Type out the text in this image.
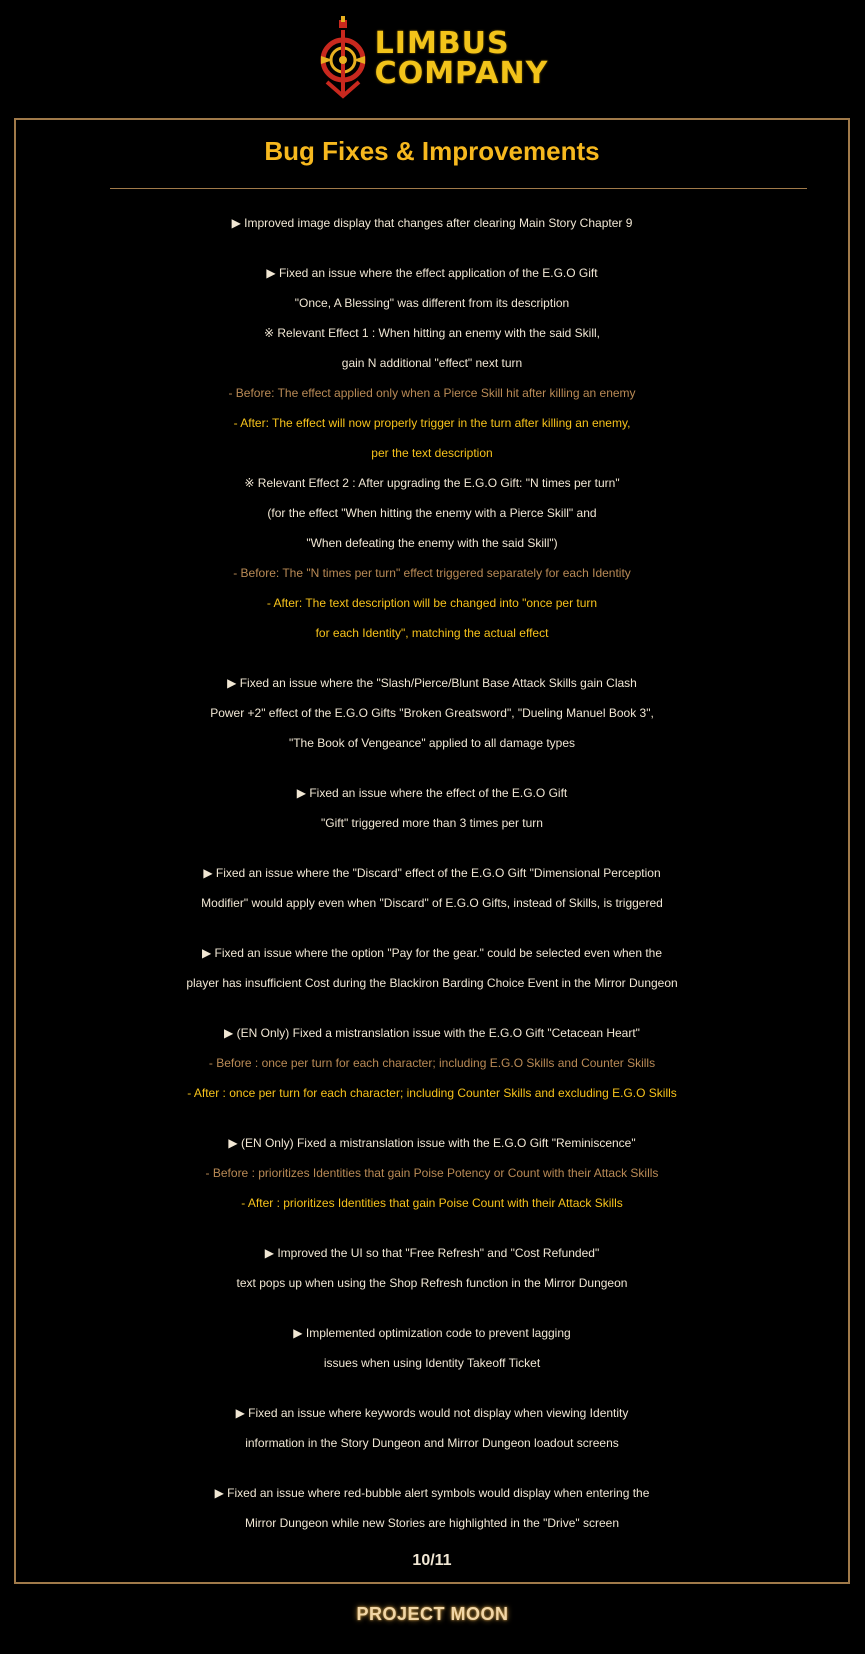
LIMBUS
COMPANY
Bug Fixes & Improvements
▶ Improved image display that changes after clearing Main Story Chapter 9
▶ Fixed an issue where the effect application of the E.G.O Gift
"Once, A Blessing" was different from its description
※ Relevant Effect 1 : When hitting an enemy with the said Skill,
gain N additional "effect" next turn
- Before: The effect applied only when a Pierce Skill hit after killing an enemy
- After: The effect will now properly trigger in the turn after killing an enemy,
per the text description
※ Relevant Effect 2 : After upgrading the E.G.O Gift: "N times per turn"
(for the effect "When hitting the enemy with a Pierce Skill" and
"When defeating the enemy with the said Skill")
- Before: The "N times per turn" effect triggered separately for each Identity
- After: The text description will be changed into "once per turn
for each Identity", matching the actual effect
▶ Fixed an issue where the "Slash/Pierce/Blunt Base Attack Skills gain Clash
Power +2" effect of the E.G.O Gifts "Broken Greatsword", "Dueling Manuel Book 3",
"The Book of Vengeance" applied to all damage types
▶ Fixed an issue where the effect of the E.G.O Gift
"Gift" triggered more than 3 times per turn
▶ Fixed an issue where the "Discard" effect of the E.G.O Gift "Dimensional Perception
Modifier" would apply even when "Discard" of E.G.O Gifts, instead of Skills, is triggered
▶ Fixed an issue where the option "Pay for the gear." could be selected even when the
player has insufficient Cost during the Blackiron Barding Choice Event in the Mirror Dungeon
▶ (EN Only) Fixed a mistranslation issue with the E.G.O Gift "Cetacean Heart"
- Before : once per turn for each character; including E.G.O Skills and Counter Skills
- After : once per turn for each character; including Counter Skills and excluding E.G.O Skills
▶ (EN Only) Fixed a mistranslation issue with the E.G.O Gift "Reminiscence"
- Before : prioritizes Identities that gain Poise Potency or Count with their Attack Skills
- After : prioritizes Identities that gain Poise Count with their Attack Skills
▶ Improved the UI so that "Free Refresh" and "Cost Refunded"
text pops up when using the Shop Refresh function in the Mirror Dungeon
▶ Implemented optimization code to prevent lagging
issues when using Identity Takeoff Ticket
▶ Fixed an issue where keywords would not display when viewing Identity
information in the Story Dungeon and Mirror Dungeon loadout screens
▶ Fixed an issue where red-bubble alert symbols would display when entering the
Mirror Dungeon while new Stories are highlighted in the "Drive" screen
10/11
PROJECT MOON
